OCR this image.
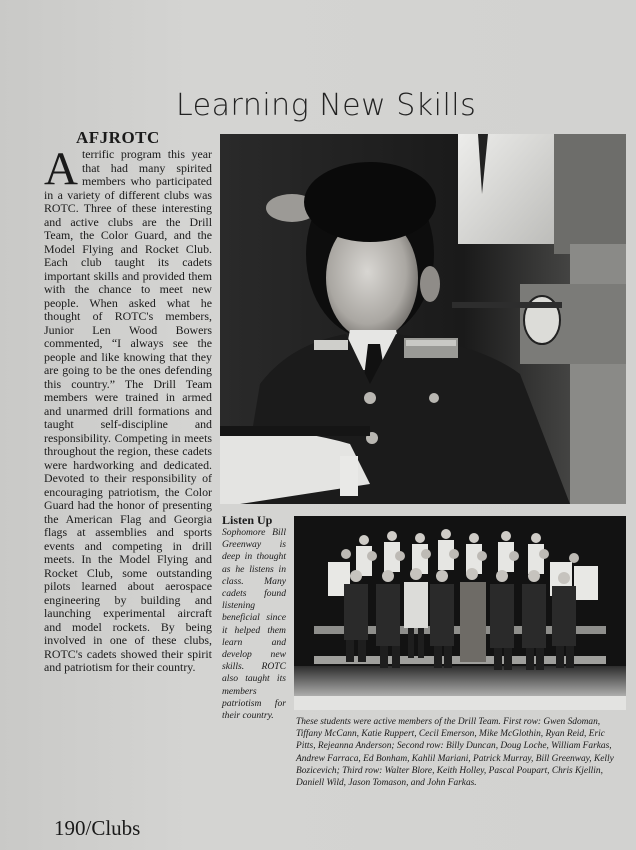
Learning New Skills
AFJROTC
Aterrific program this year that had many spirited members who participated in a variety of different clubs was ROTC. Three of these interesting and active clubs are the Drill Team, the Color Guard, and the Model Flying and Rocket Club. Each club taught its cadets important skills and provided them with the chance to meet new people. When asked what he thought of ROTC's members, Junior Len Wood Bowers commented, “I always see the people and like knowing that they are going to be the ones defending this country.” The Drill Team members were trained in armed and unarmed drill formations and taught self-discipline and responsibility. Competing in meets throughout the region, these cadets were hardworking and dedicated. Devoted to their responsibility of encouraging patriotism, the Color Guard had the honor of presenting the American Flag and Georgia flags at assemblies and sports events and competing in drill meets. In the Model Flying and Rocket Club, some outstanding pilots learned about aerospace engineering by building and launching experimental aircraft and model rockets. By being involved in one of these clubs, ROTC's cadets showed their spirit and patriotism for their country.
Listen Up
Sophomore Bill Greenway is deep in thought as he listens in class. Many cadets found listening beneficial since it helped them learn and develop new skills. ROTC also taught its members patriotism for their country.
These students were active members of the Drill Team. First row: Gwen Sdoman, Tiffany McCann, Katie Ruppert, Cecil Emerson, Mike McGlothin, Ryan Reid, Eric Pitts, Rejeanna Anderson; Second row: Billy Duncan, Doug Loche, William Farkas, Andrew Farraca, Ed Bonham, Kahlil Mariani, Patrick Murray, Bill Greenway, Kelly Bozicevich; Third row: Walter Blore, Keith Holley, Pascal Poupart, Chris Kjellin, Daniell Wild, Jason Tomason, and John Farkas.
190/Clubs
